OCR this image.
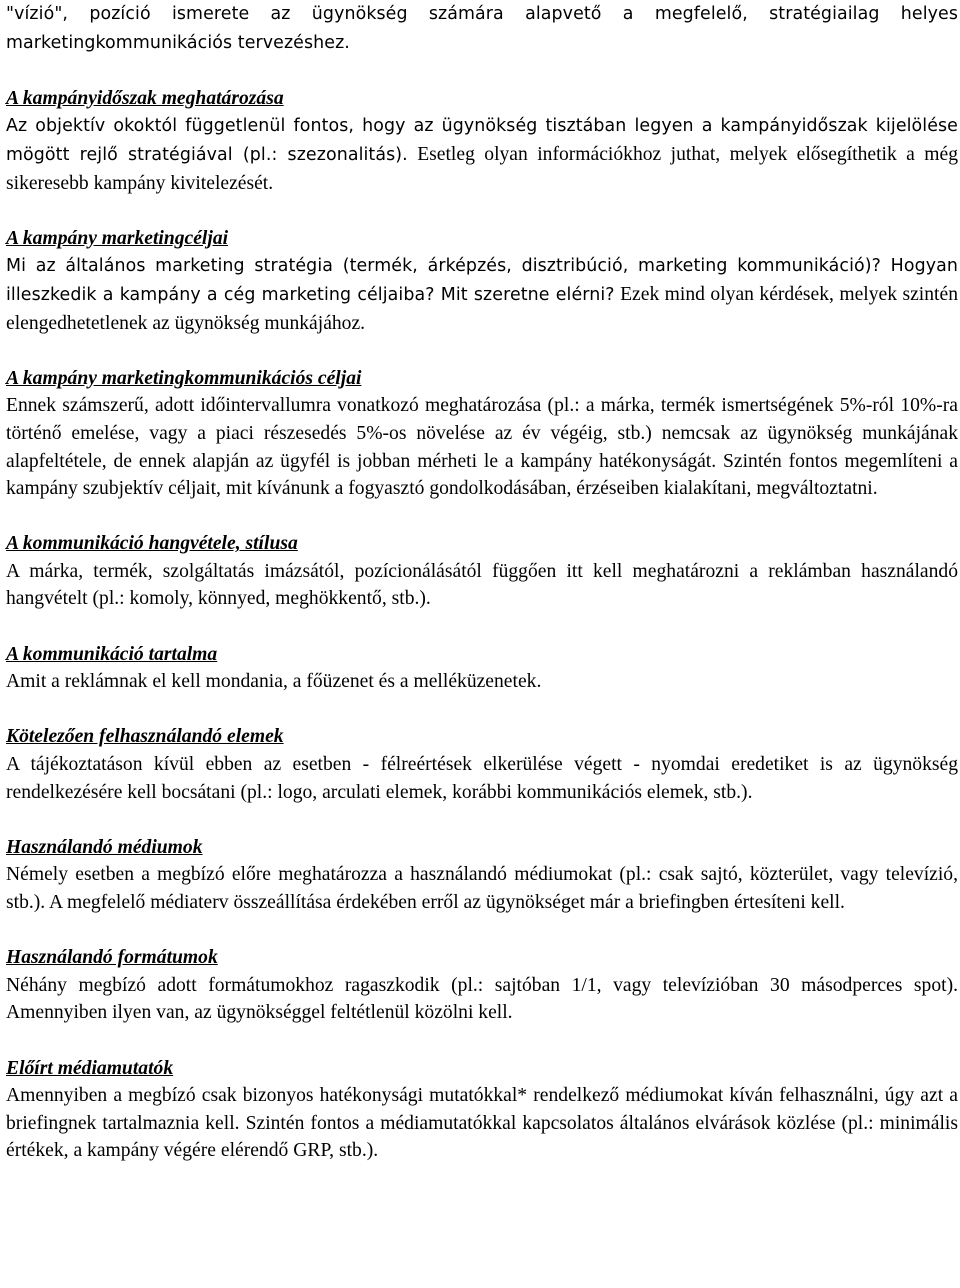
"vízió", pozíció ismerete az ügynökség számára alapvető a megfelelő, stratégiailag helyes marketingkommunikációs tervezéshez.

A kampányidőszak meghatározása
Az objektív okoktól függetlenül fontos, hogy az ügynökség tisztában legyen a kampányidőszak kijelölése mögött rejlő stratégiával (pl.: szezonalitás). Esetleg olyan információkhoz juthat, melyek elősegíthetik a még sikeresebb kampány kivitelezését.
A kampány marketingcéljai
Mi az általános marketing stratégia (termék, árképzés, disztribúció, marketing kommunikáció)? Hogyan illeszkedik a kampány a cég marketing céljaiba? Mit szeretne elérni? Ezek mind olyan kérdések, melyek szintén elengedhetetlenek az ügynökség munkájához.
A kampány marketingkommunikációs céljai
Ennek számszerű, adott időintervallumra vonatkozó meghatározása (pl.: a márka, termék ismertségének 5%-ról 10%-ra történő emelése, vagy a piaci részesedés 5%-os növelése az év végéig, stb.) nemcsak az ügynökség munkájának alapfeltétele, de ennek alapján az ügyfél is jobban mérheti le a kampány hatékonyságát. Szintén fontos megemlíteni a kampány szubjektív céljait, mit kívánunk a fogyasztó gondolkodásában, érzéseiben kialakítani, megváltoztatni.
A kommunikáció hangvétele, stílusa
A márka, termék, szolgáltatás imázsától, pozícionálásától függően itt kell meghatározni a reklámban használandó hangvételt (pl.: komoly, könnyed, meghökkentő, stb.).
A kommunikáció tartalma
Amit a reklámnak el kell mondania, a főüzenet és a melléküzenetek.
Kötelezően felhasználandó elemek
A tájékoztatáson kívül ebben az esetben - félreértések elkerülése végett - nyomdai eredetiket is az ügynökség rendelkezésére kell bocsátani (pl.: logo, arculati elemek, korábbi kommunikációs elemek, stb.).
Használandó médiumok
Némely esetben a megbízó előre meghatározza a használandó médiumokat (pl.: csak sajtó, közterület, vagy televízió, stb.). A megfelelő médiaterv összeállítása érdekében erről az ügynökséget már a briefingben értesíteni kell.
Használandó formátumok
Néhány megbízó adott formátumokhoz ragaszkodik (pl.: sajtóban 1/1, vagy televízióban 30 másodperces spot). Amennyiben ilyen van, az ügynökséggel feltétlenül közölni kell.
Előírt médiamutatók
Amennyiben a megbízó csak bizonyos hatékonysági mutatókkal* rendelkező médiumokat kíván felhasználni, úgy azt a briefingnek tartalmaznia kell. Szintén fontos a médiamutatókkal kapcsolatos általános elvárások közlése (pl.: minimális értékek, a kampány végére elérendő GRP, stb.).
